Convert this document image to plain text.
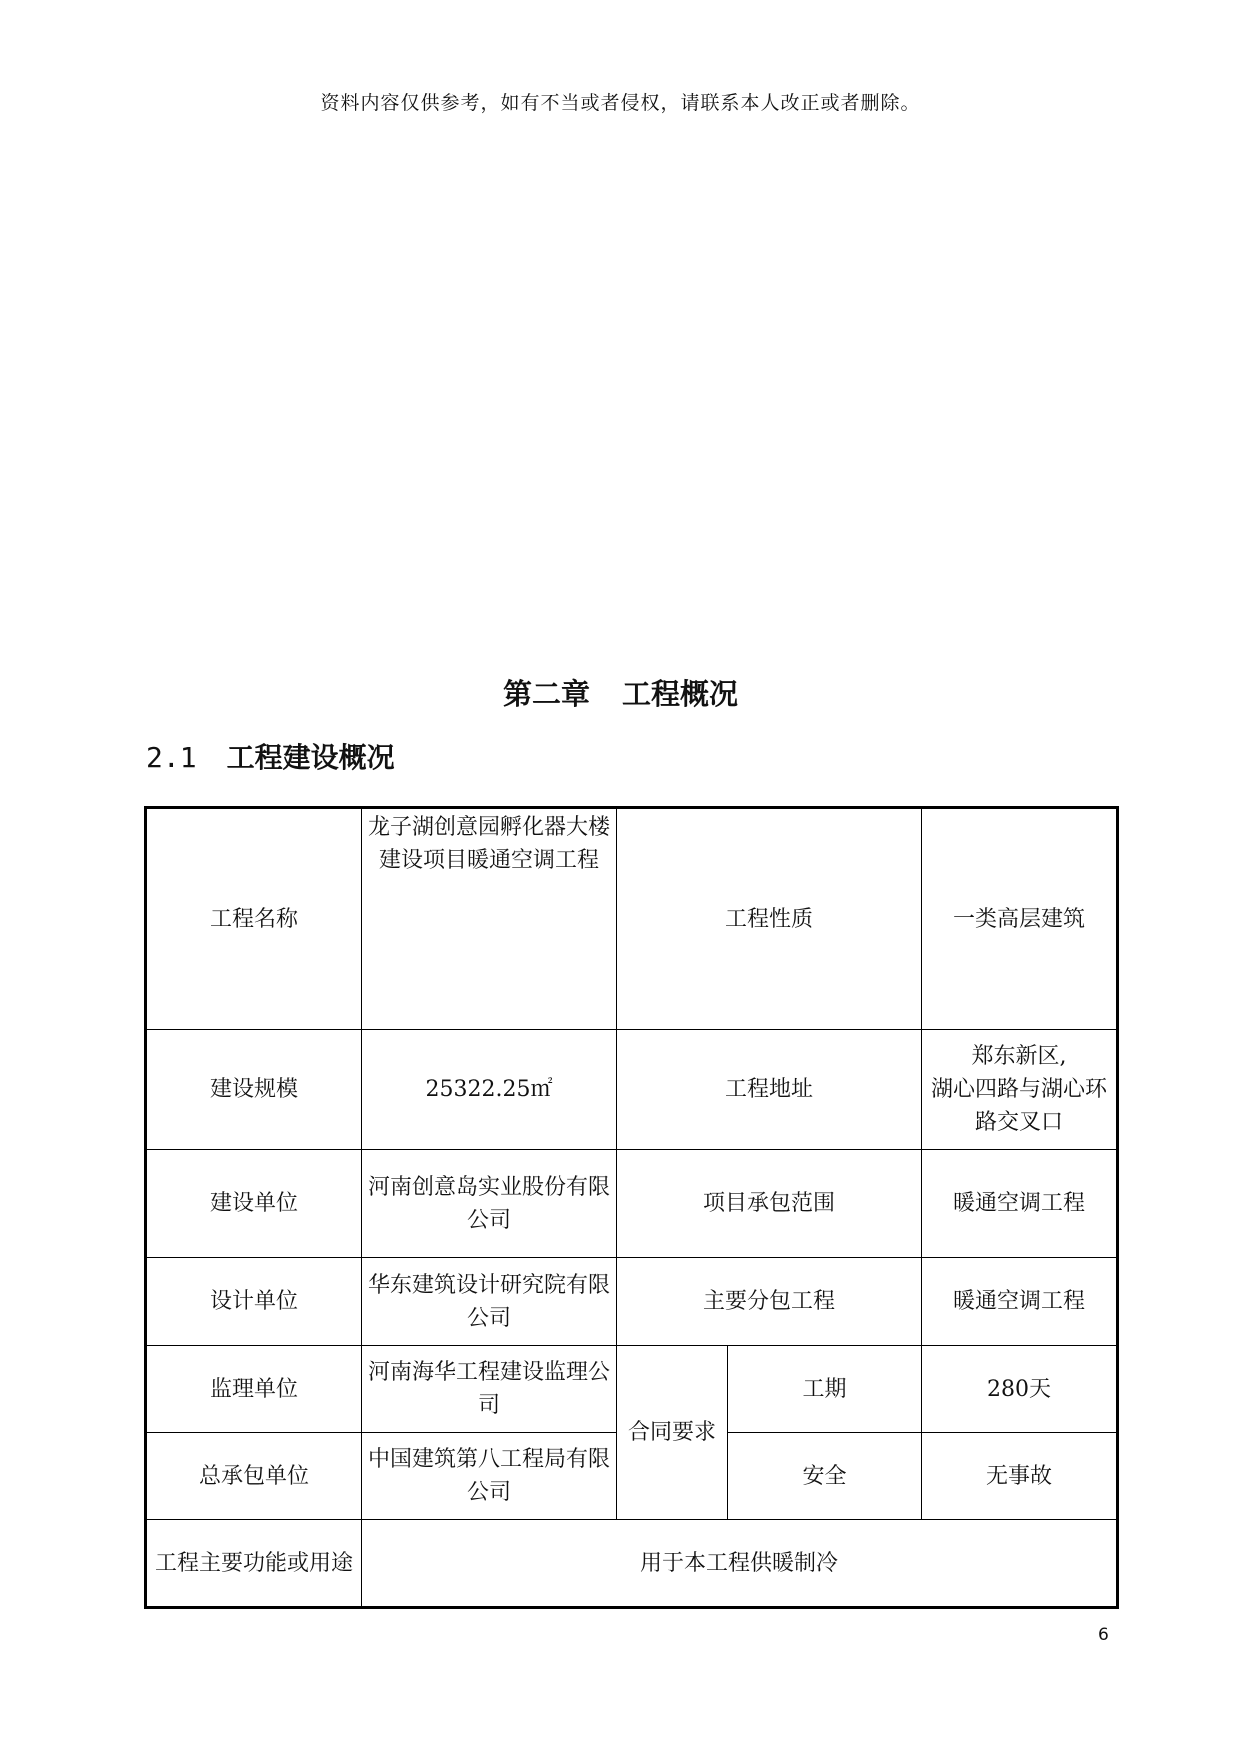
资料内容仅供参考，如有不当或者侵权，请联系本人改正或者删除。
第二章 工程概况
2.1 工程建设概况
工程名称	龙子湖创意园孵化器大楼建设项目暖通空调工程	工程性质		一类高层建筑
建设规模	25322.25㎡	工程地址		郑东新区,
湖心四路与湖心环路交叉口

建设单位	河南创意岛实业股份有限公司	项目承包范围		暖通空调工程
设计单位	华东建筑设计研究院有限公司	主要分包工程		暖通空调工程
监理单位	河南海华工程建设监理公司	合同要求	工期	280天
总承包单位	中国建筑第八工程局有限公司		安全	无事故
工程主要功能或用途	用于本工程供暖制冷			
6
